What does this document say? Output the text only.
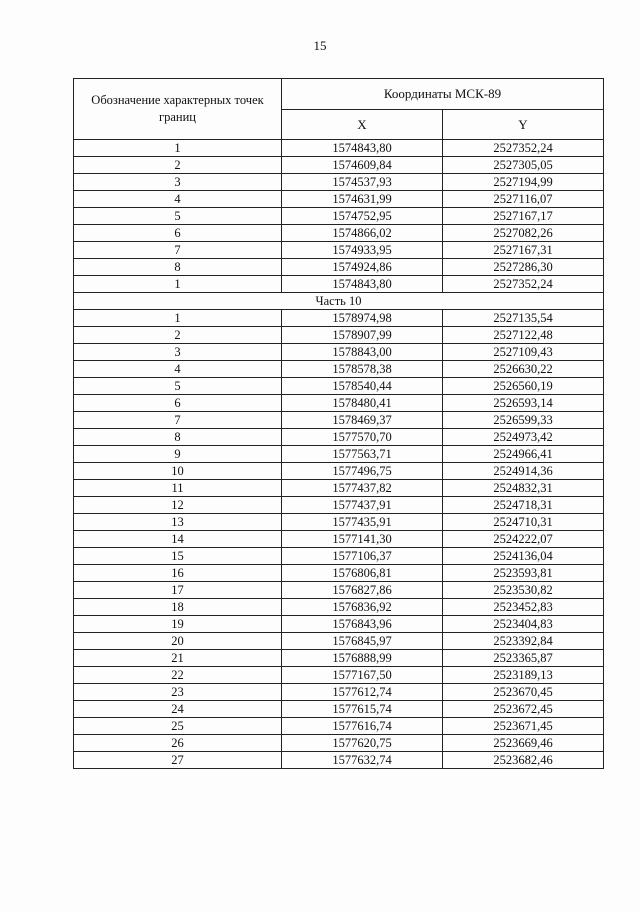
15
Обозначение характерных точек границ	Координаты МСК-89	
	X	Y
1	1574843,80	2527352,24
2	1574609,84	2527305,05
3	1574537,93	2527194,99
4	1574631,99	2527116,07
5	1574752,95	2527167,17
6	1574866,02	2527082,26
7	1574933,95	2527167,31
8	1574924,86	2527286,30
1	1574843,80	2527352,24
Часть 10		
1	1578974,98	2527135,54
2	1578907,99	2527122,48
3	1578843,00	2527109,43
4	1578578,38	2526630,22
5	1578540,44	2526560,19
6	1578480,41	2526593,14
7	1578469,37	2526599,33
8	1577570,70	2524973,42
9	1577563,71	2524966,41
10	1577496,75	2524914,36
11	1577437,82	2524832,31
12	1577437,91	2524718,31
13	1577435,91	2524710,31
14	1577141,30	2524222,07
15	1577106,37	2524136,04
16	1576806,81	2523593,81
17	1576827,86	2523530,82
18	1576836,92	2523452,83
19	1576843,96	2523404,83
20	1576845,97	2523392,84
21	1576888,99	2523365,87
22	1577167,50	2523189,13
23	1577612,74	2523670,45
24	1577615,74	2523672,45
25	1577616,74	2523671,45
26	1577620,75	2523669,46
27	1577632,74	2523682,46
